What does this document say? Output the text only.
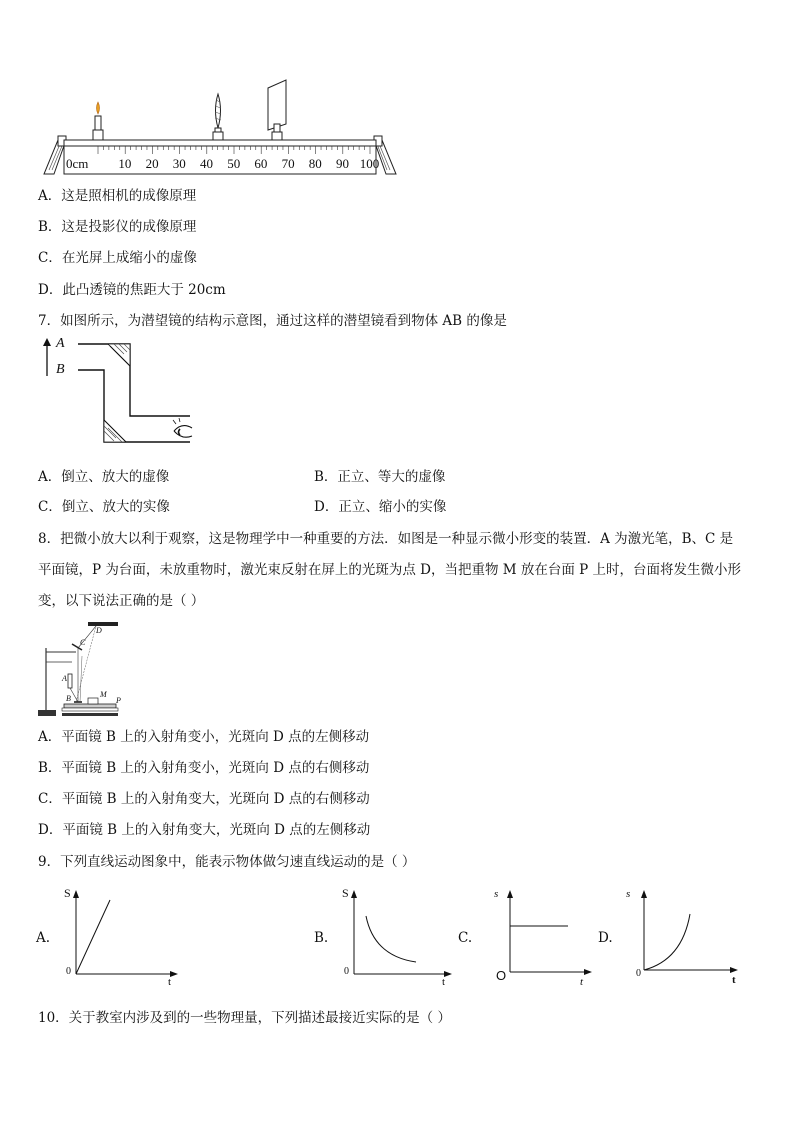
0cm 10 20 30 40 50 60 70 80 90 100
A．这是照相机的成像原理
B．这是投影仪的成像原理
C．在光屏上成缩小的虚像
D．此凸透镜的焦距大于 20cm
7．如图所示，为潜望镜的结构示意图，通过这样的潜望镜看到物体 AB 的像是
A
B
A．倒立、放大的虚像	B．正立、等大的虚像
C．倒立、放大的实像	D．正立、缩小的实像
8．把微小放大以利于观察，这是物理学中一种重要的方法．如图是一种显示微小形变的装置．A 为激光笔，B、C 是
平面镜，P 为台面，未放重物时，激光束反射在屏上的光斑为点 D，当把重物 M 放在台面 P 上时，台面将发生微小形
变，以下说法正确的是（ ）
D
C
A
B	M
P
A．平面镜 B 上的入射角变小，光斑向 D 点的左侧移动
B．平面镜 B 上的入射角变小，光斑向 D 点的右侧移动
C．平面镜 B 上的入射角变大，光斑向 D 点的右侧移动
D．平面镜 B 上的入射角变大，光斑向 D 点的左侧移动
9．下列直线运动图象中，能表示物体做匀速直线运动的是（ ）
A.
S
0
t
B.
S
0
t
C.
s
O	t
D.
s
0
t
10．关于教室内涉及到的一些物理量，下列描述最接近实际的是（ ）
